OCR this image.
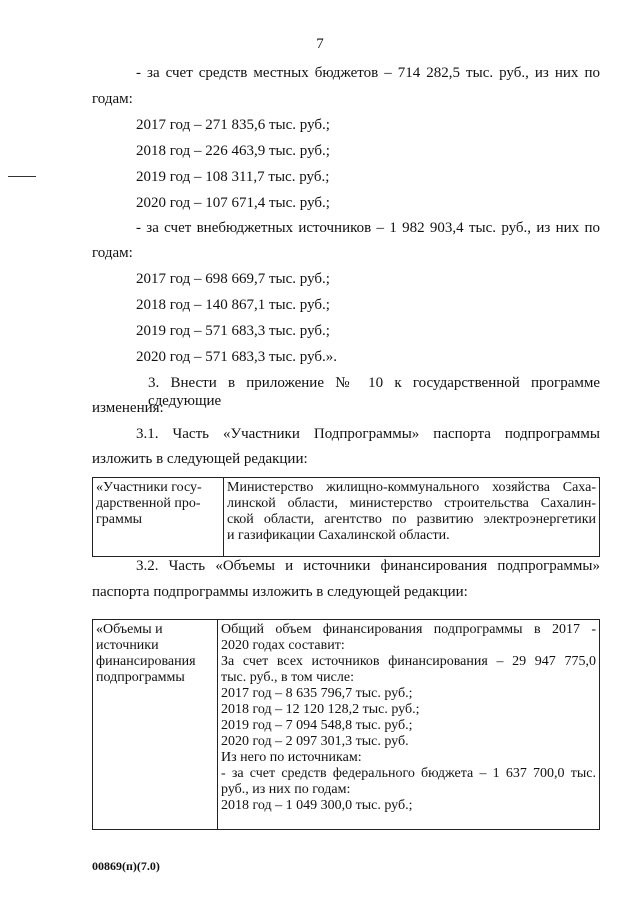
7
- за счет средств местных бюджетов – 714 282,5 тыс. руб., из них по
годам:
2017 год – 271 835,6 тыс. руб.;
2018 год – 226 463,9 тыс. руб.;
2019 год – 108 311,7 тыс. руб.;
2020 год – 107 671,4 тыс. руб.;
- за счет внебюджетных источников – 1 982 903,4 тыс. руб., из них по
годам:
2017 год – 698 669,7 тыс. руб.;
2018 год – 140 867,1 тыс. руб.;
2019 год – 571 683,3 тыс. руб.;
2020 год – 571 683,3 тыс. руб.».
3. Внести в приложение № 10 к государственной программе следующие
изменения:
3.1. Часть «Участники Подпрограммы» паспорта подпрограммы
изложить в следующей редакции:
«Участники госу-
дарственной про-
граммы

Министерство жилищно-коммунального хозяйства Саха-
линской области, министерство строительства Сахалин-
ской области, агентство по развитию электроэнергетики
и газификации Сахалинской области.
3.2. Часть «Объемы и источники финансирования подпрограммы»
паспорта подпрограммы изложить в следующей редакции:
«Объемы и
источники
финансирования
подпрограммы

Общий объем финансирования подпрограммы в 2017 -
2020 годах составит:
За счет всех источников финансирования – 29 947 775,0
тыс. руб., в том числе:
2017 год – 8 635 796,7 тыс. руб.;
2018 год – 12 120 128,2 тыс. руб.;
2019 год – 7 094 548,8 тыс. руб.;
2020 год – 2 097 301,3 тыс. руб.
Из него по источникам:
- за счет средств федерального бюджета – 1 637 700,0 тыс.
руб., из них по годам:
2018 год – 1 049 300,0 тыс. руб.;
00869(п)(7.0)
